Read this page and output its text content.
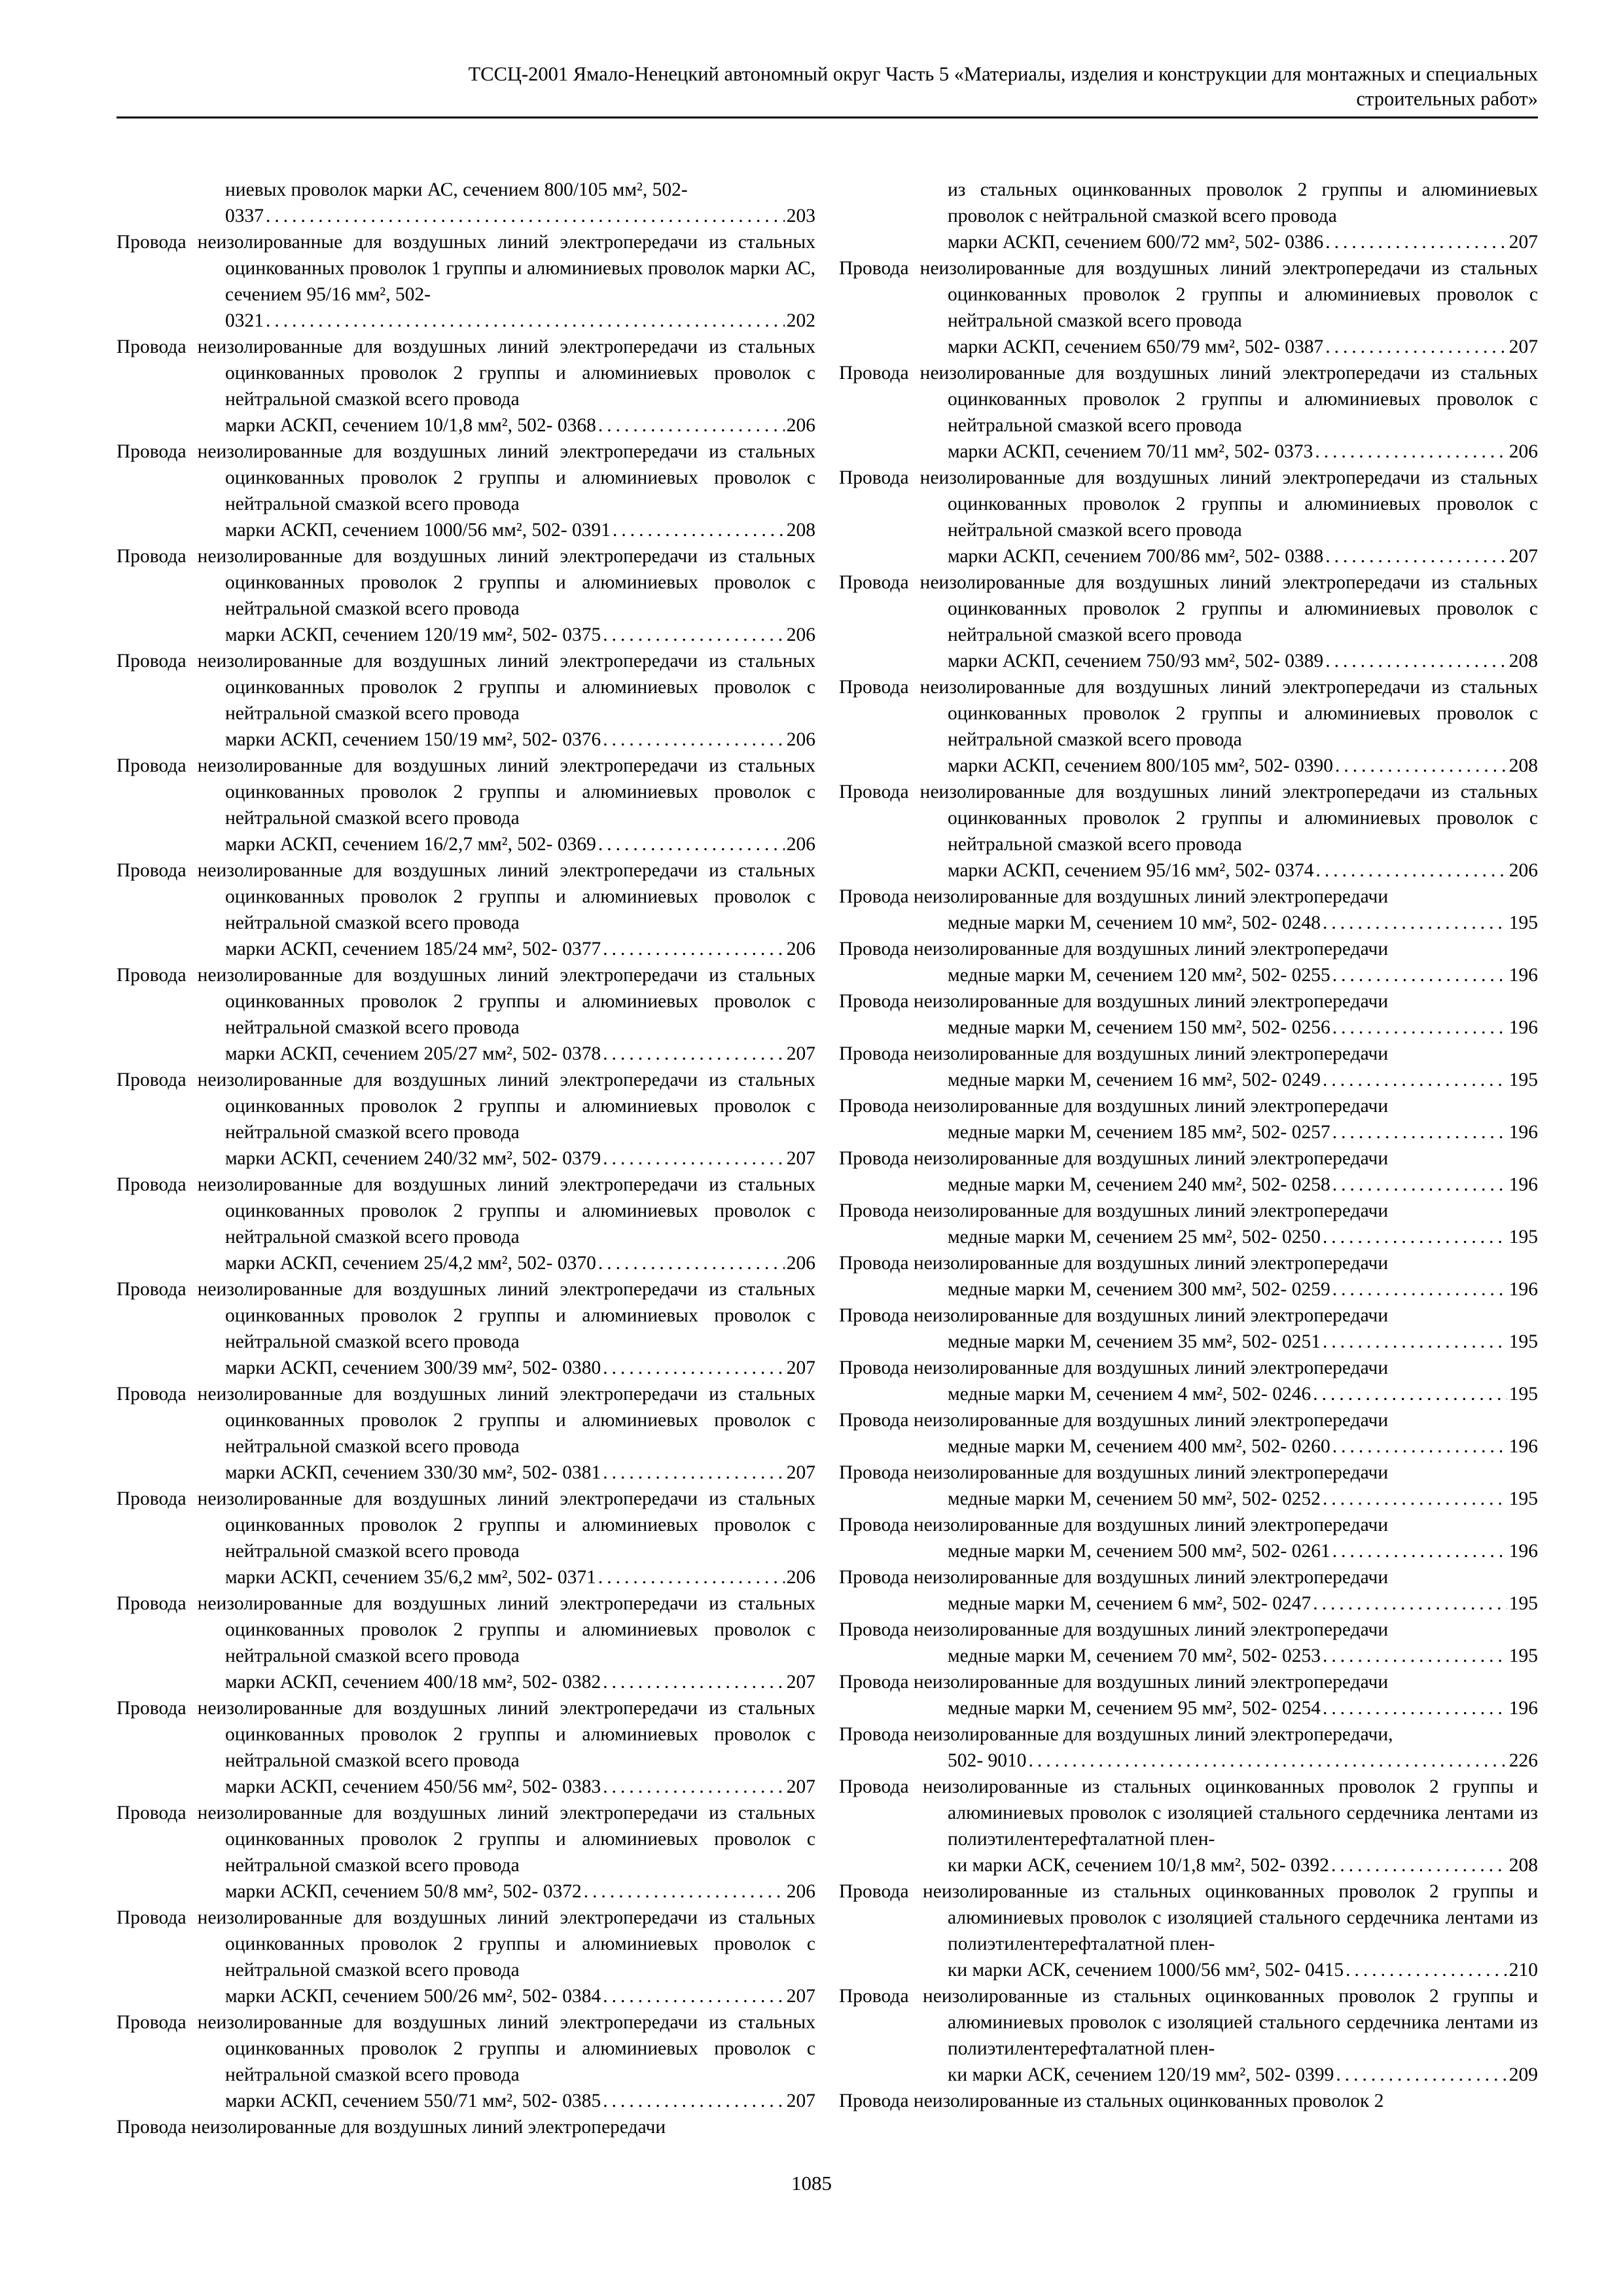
ТССЦ-2001 Ямало-Ненецкий автономный округ Часть 5 «Материалы, изделия и конструкции для монтажных и специальных
строительных работ»
ниевых проволок марки АС, сечением 800/105 мм², 502-
0337 .....	203
Провода неизолированные для воздушных линий электропередачи из стальных оцинкованных проволок 1 группы и алюминиевых проволок марки АС, сечением 95/16 мм², 502-
0321 .....	202
Провода неизолированные для воздушных линий электропередачи из стальных оцинкованных проволок 2 группы и алюминиевых проволок с нейтральной смазкой всего провода
марки АСКП, сечением 10/1,8 мм², 502- 0368 .....	206
Провода неизолированные для воздушных линий электропередачи из стальных оцинкованных проволок 2 группы и алюминиевых проволок с нейтральной смазкой всего провода
марки АСКП, сечением 1000/56 мм², 502- 0391 .....	208
Провода неизолированные для воздушных линий электропередачи из стальных оцинкованных проволок 2 группы и алюминиевых проволок с нейтральной смазкой всего провода
марки АСКП, сечением 120/19 мм², 502- 0375 .....	206
Провода неизолированные для воздушных линий электропередачи из стальных оцинкованных проволок 2 группы и алюминиевых проволок с нейтральной смазкой всего провода
марки АСКП, сечением 150/19 мм², 502- 0376 .....	206
Провода неизолированные для воздушных линий электропередачи из стальных оцинкованных проволок 2 группы и алюминиевых проволок с нейтральной смазкой всего провода
марки АСКП, сечением 16/2,7 мм², 502- 0369 .....	206
Провода неизолированные для воздушных линий электропередачи из стальных оцинкованных проволок 2 группы и алюминиевых проволок с нейтральной смазкой всего провода
марки АСКП, сечением 185/24 мм², 502- 0377 .....	206
Провода неизолированные для воздушных линий электропередачи из стальных оцинкованных проволок 2 группы и алюминиевых проволок с нейтральной смазкой всего провода
марки АСКП, сечением 205/27 мм², 502- 0378 .....	207
Провода неизолированные для воздушных линий электропередачи из стальных оцинкованных проволок 2 группы и алюминиевых проволок с нейтральной смазкой всего провода
марки АСКП, сечением 240/32 мм², 502- 0379 .....	207
Провода неизолированные для воздушных линий электропередачи из стальных оцинкованных проволок 2 группы и алюминиевых проволок с нейтральной смазкой всего провода
марки АСКП, сечением 25/4,2 мм², 502- 0370 .....	206
Провода неизолированные для воздушных линий электропередачи из стальных оцинкованных проволок 2 группы и алюминиевых проволок с нейтральной смазкой всего провода
марки АСКП, сечением 300/39 мм², 502- 0380 .....	207
Провода неизолированные для воздушных линий электропередачи из стальных оцинкованных проволок 2 группы и алюминиевых проволок с нейтральной смазкой всего провода
марки АСКП, сечением 330/30 мм², 502- 0381 .....	207
Провода неизолированные для воздушных линий электропередачи из стальных оцинкованных проволок 2 группы и алюминиевых проволок с нейтральной смазкой всего провода
марки АСКП, сечением 35/6,2 мм², 502- 0371 .....	206
Провода неизолированные для воздушных линий электропередачи из стальных оцинкованных проволок 2 группы и алюминиевых проволок с нейтральной смазкой всего провода
марки АСКП, сечением 400/18 мм², 502- 0382 .....	207
Провода неизолированные для воздушных линий электропередачи из стальных оцинкованных проволок 2 группы и алюминиевых проволок с нейтральной смазкой всего провода
марки АСКП, сечением 450/56 мм², 502- 0383 .....	207
Провода неизолированные для воздушных линий электропередачи из стальных оцинкованных проволок 2 группы и алюминиевых проволок с нейтральной смазкой всего провода
марки АСКП, сечением 50/8 мм², 502- 0372 .....	206
Провода неизолированные для воздушных линий электропередачи из стальных оцинкованных проволок 2 группы и алюминиевых проволок с нейтральной смазкой всего провода
марки АСКП, сечением 500/26 мм², 502- 0384 .....	207
Провода неизолированные для воздушных линий электропередачи из стальных оцинкованных проволок 2 группы и алюминиевых проволок с нейтральной смазкой всего провода
марки АСКП, сечением 550/71 мм², 502- 0385 .....	207
Провода неизолированные для воздушных линий электропередачи
из стальных оцинкованных проволок 2 группы и алюминиевых проволок с нейтральной смазкой всего провода
марки АСКП, сечением 600/72 мм², 502- 0386 .....	207
Провода неизолированные для воздушных линий электропередачи из стальных оцинкованных проволок 2 группы и алюминиевых проволок с нейтральной смазкой всего провода
марки АСКП, сечением 650/79 мм², 502- 0387 .....	207
Провода неизолированные для воздушных линий электропередачи из стальных оцинкованных проволок 2 группы и алюминиевых проволок с нейтральной смазкой всего провода
марки АСКП, сечением 70/11 мм², 502- 0373 .....	206
Провода неизолированные для воздушных линий электропередачи из стальных оцинкованных проволок 2 группы и алюминиевых проволок с нейтральной смазкой всего провода
марки АСКП, сечением 700/86 мм², 502- 0388 .....	207
Провода неизолированные для воздушных линий электропередачи из стальных оцинкованных проволок 2 группы и алюминиевых проволок с нейтральной смазкой всего провода
марки АСКП, сечением 750/93 мм², 502- 0389 .....	208
Провода неизолированные для воздушных линий электропередачи из стальных оцинкованных проволок 2 группы и алюминиевых проволок с нейтральной смазкой всего провода
марки АСКП, сечением 800/105 мм², 502- 0390 .....	208
Провода неизолированные для воздушных линий электропередачи из стальных оцинкованных проволок 2 группы и алюминиевых проволок с нейтральной смазкой всего провода
марки АСКП, сечением 95/16 мм², 502- 0374 .....	206
Провода неизолированные для воздушных линий электропередачи
медные марки М, сечением 10 мм², 502- 0248 .....	195
Провода неизолированные для воздушных линий электропередачи
медные марки М, сечением 120 мм², 502- 0255 .....	196
Провода неизолированные для воздушных линий электропередачи
медные марки М, сечением 150 мм², 502- 0256 .....	196
Провода неизолированные для воздушных линий электропередачи
медные марки М, сечением 16 мм², 502- 0249 .....	195
Провода неизолированные для воздушных линий электропередачи
медные марки М, сечением 185 мм², 502- 0257 .....	196
Провода неизолированные для воздушных линий электропередачи
медные марки М, сечением 240 мм², 502- 0258 .....	196
Провода неизолированные для воздушных линий электропередачи
медные марки М, сечением 25 мм², 502- 0250 .....	195
Провода неизолированные для воздушных линий электропередачи
медные марки М, сечением 300 мм², 502- 0259 .....	196
Провода неизолированные для воздушных линий электропередачи
медные марки М, сечением 35 мм², 502- 0251 .....	195
Провода неизолированные для воздушных линий электропередачи
медные марки М, сечением 4 мм², 502- 0246 .....	195
Провода неизолированные для воздушных линий электропередачи
медные марки М, сечением 400 мм², 502- 0260 .....	196
Провода неизолированные для воздушных линий электропередачи
медные марки М, сечением 50 мм², 502- 0252 .....	195
Провода неизолированные для воздушных линий электропередачи
медные марки М, сечением 500 мм², 502- 0261 .....	196
Провода неизолированные для воздушных линий электропередачи
медные марки М, сечением 6 мм², 502- 0247 .....	195
Провода неизолированные для воздушных линий электропередачи
медные марки М, сечением 70 мм², 502- 0253 .....	195
Провода неизолированные для воздушных линий электропередачи
медные марки М, сечением 95 мм², 502- 0254 .....	196
Провода неизолированные для воздушных линий электропередачи,
502- 9010 .....	226
Провода неизолированные из стальных оцинкованных проволок 2 группы и алюминиевых проволок с изоляцией стального сердечника лентами из полиэтилентерефталатной плен-
ки марки АСК, сечением 10/1,8 мм², 502- 0392 .....	208
Провода неизолированные из стальных оцинкованных проволок 2 группы и алюминиевых проволок с изоляцией стального сердечника лентами из полиэтилентерефталатной плен-
ки марки АСК, сечением 1000/56 мм², 502- 0415 .....	210
Провода неизолированные из стальных оцинкованных проволок 2 группы и алюминиевых проволок с изоляцией стального сердечника лентами из полиэтилентерефталатной плен-
ки марки АСК, сечением 120/19 мм², 502- 0399 .....	209
Провода неизолированные из стальных оцинкованных проволок 2
1085
